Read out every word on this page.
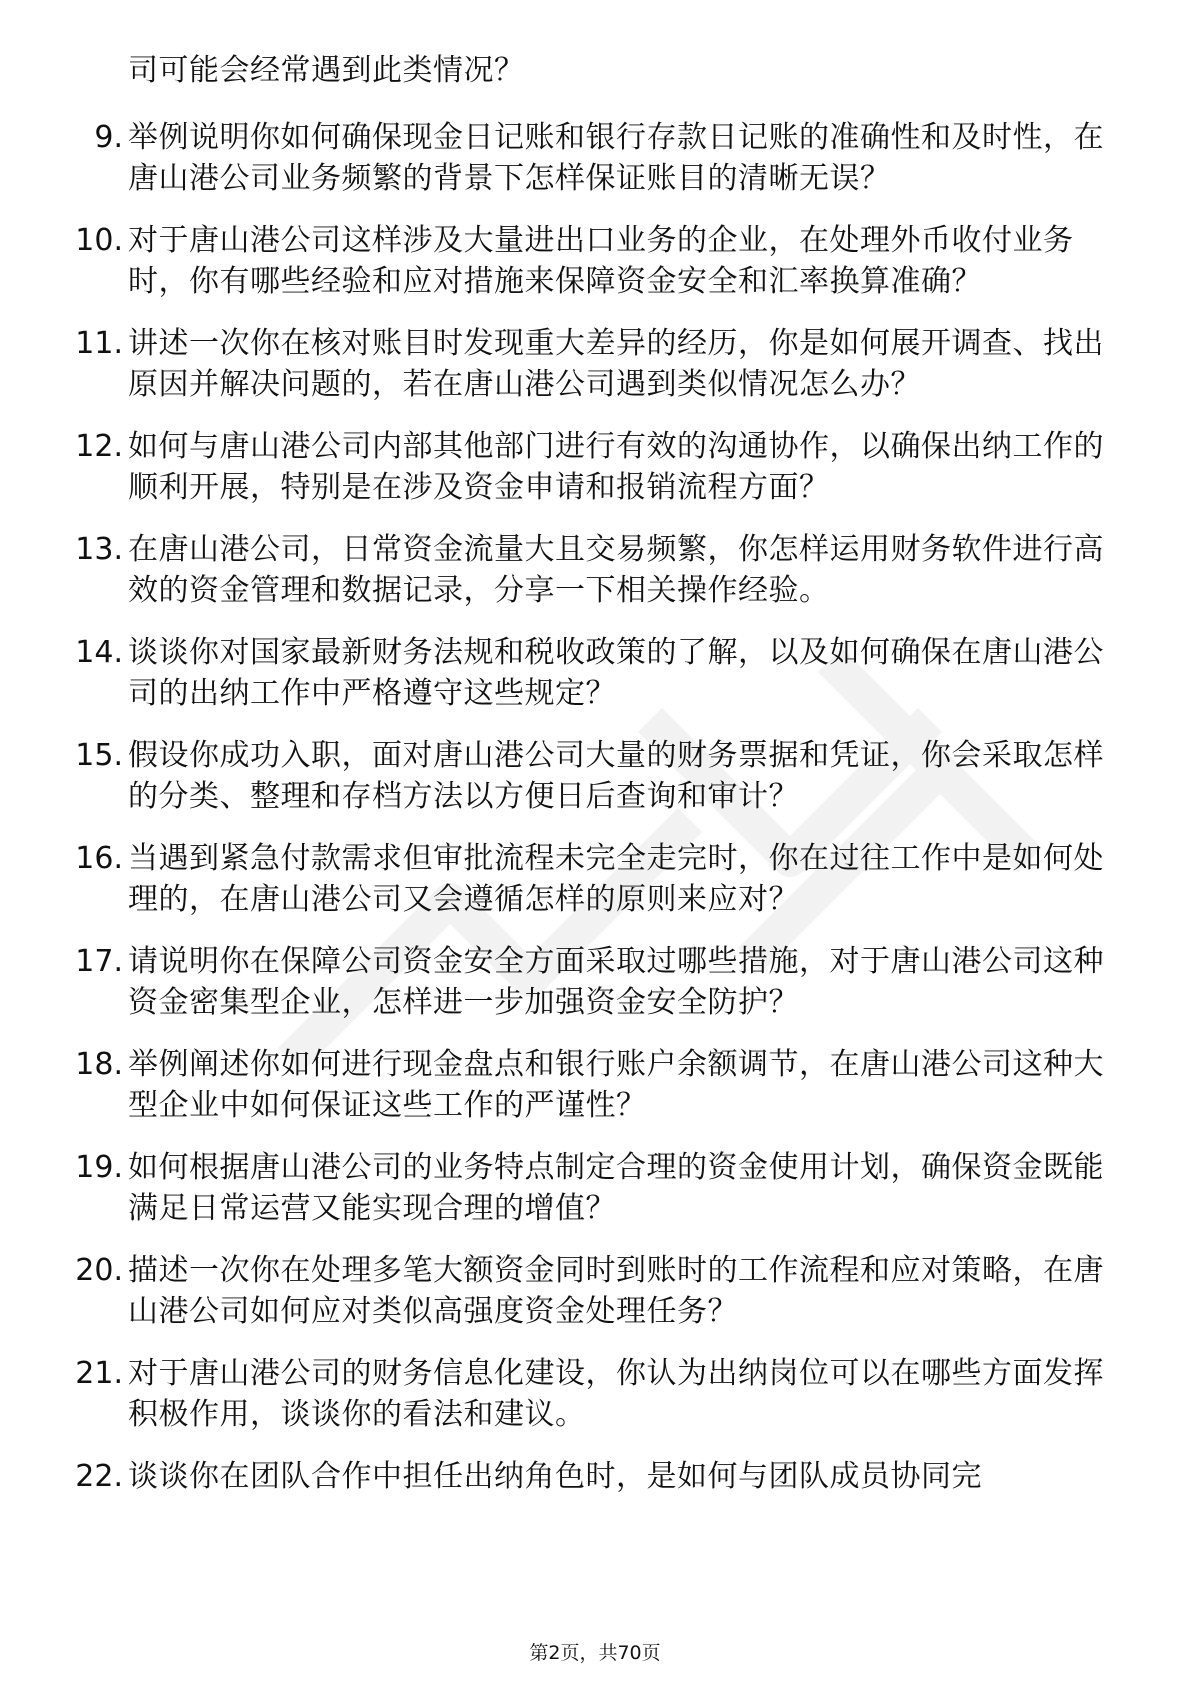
司可能会经常遇到此类情况？
9. 举例说明你如何确保现金日记账和银行存款日记账的准确性和及时性，在唐山港公司业务频繁的背景下怎样保证账目的清晰无误？
10. 对于唐山港公司这样涉及大量进出口业务的企业，在处理外币收付业务时，你有哪些经验和应对措施来保障资金安全和汇率换算准确？
11. 讲述一次你在核对账目时发现重大差异的经历，你是如何展开调查、找出原因并解决问题的，若在唐山港公司遇到类似情况怎么办？
12. 如何与唐山港公司内部其他部门进行有效的沟通协作，以确保出纳工作的顺利开展，特别是在涉及资金申请和报销流程方面？
13. 在唐山港公司，日常资金流量大且交易频繁，你怎样运用财务软件进行高效的资金管理和数据记录，分享一下相关操作经验。
14. 谈谈你对国家最新财务法规和税收政策的了解，以及如何确保在唐山港公司的出纳工作中严格遵守这些规定？
15. 假设你成功入职，面对唐山港公司大量的财务票据和凭证，你会采取怎样的分类、整理和存档方法以方便日后查询和审计？
16. 当遇到紧急付款需求但审批流程未完全走完时，你在过往工作中是如何处理的，在唐山港公司又会遵循怎样的原则来应对？
17. 请说明你在保障公司资金安全方面采取过哪些措施，对于唐山港公司这种资金密集型企业，怎样进一步加强资金安全防护？
18. 举例阐述你如何进行现金盘点和银行账户余额调节，在唐山港公司这种大型企业中如何保证这些工作的严谨性？
19. 如何根据唐山港公司的业务特点制定合理的资金使用计划，确保资金既能满足日常运营又能实现合理的增值？
20. 描述一次你在处理多笔大额资金同时到账时的工作流程和应对策略，在唐山港公司如何应对类似高强度资金处理任务？
21. 对于唐山港公司的财务信息化建设，你认为出纳岗位可以在哪些方面发挥积极作用，谈谈你的看法和建议。
22. 谈谈你在团队合作中担任出纳角色时，是如何与团队成员协同完
第2页，共70页
